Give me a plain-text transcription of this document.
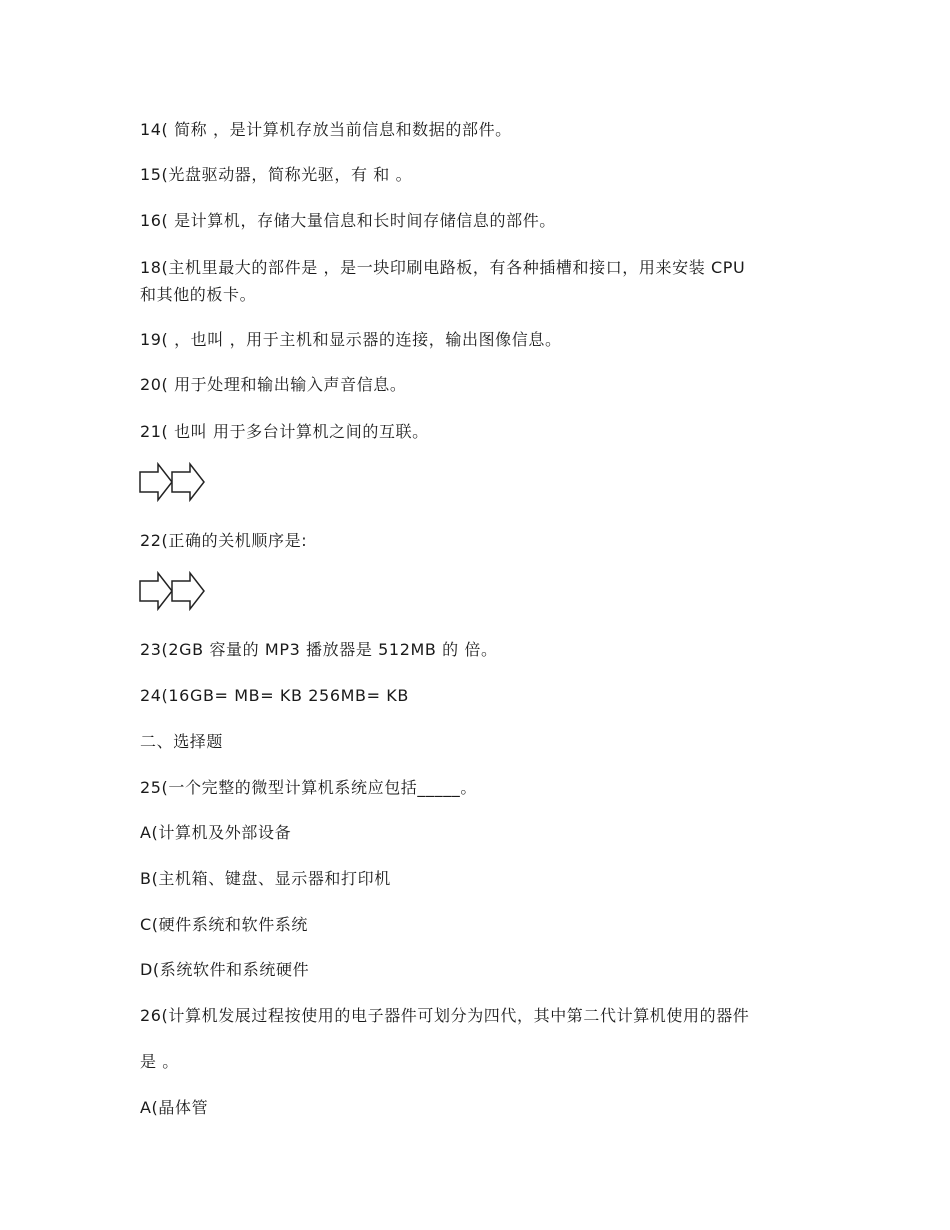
14( 简称 ，是计算机存放当前信息和数据的部件。
15(光盘驱动器，简称光驱，有 和 。
16( 是计算机，存储大量信息和长时间存储信息的部件。
18(主机里最大的部件是 ，是一块印刷电路板，有各种插槽和接口，用来安装 CPU
和其他的板卡。
19( ，也叫 ，用于主机和显示器的连接，输出图像信息。
20( 用于处理和输出输入声音信息。
21( 也叫 用于多台计算机之间的互联。
22(正确的关机顺序是:
23(2GB 容量的 MP3 播放器是 512MB 的 倍。
24(16GB= MB= KB 256MB= KB
二、选择题
25(一个完整的微型计算机系统应包括_____。
A(计算机及外部设备
B(主机箱、键盘、显示器和打印机
C(硬件系统和软件系统
D(系统软件和系统硬件
26(计算机发展过程按使用的电子器件可划分为四代，其中第二代计算机使用的器件
是 。
A(晶体管
